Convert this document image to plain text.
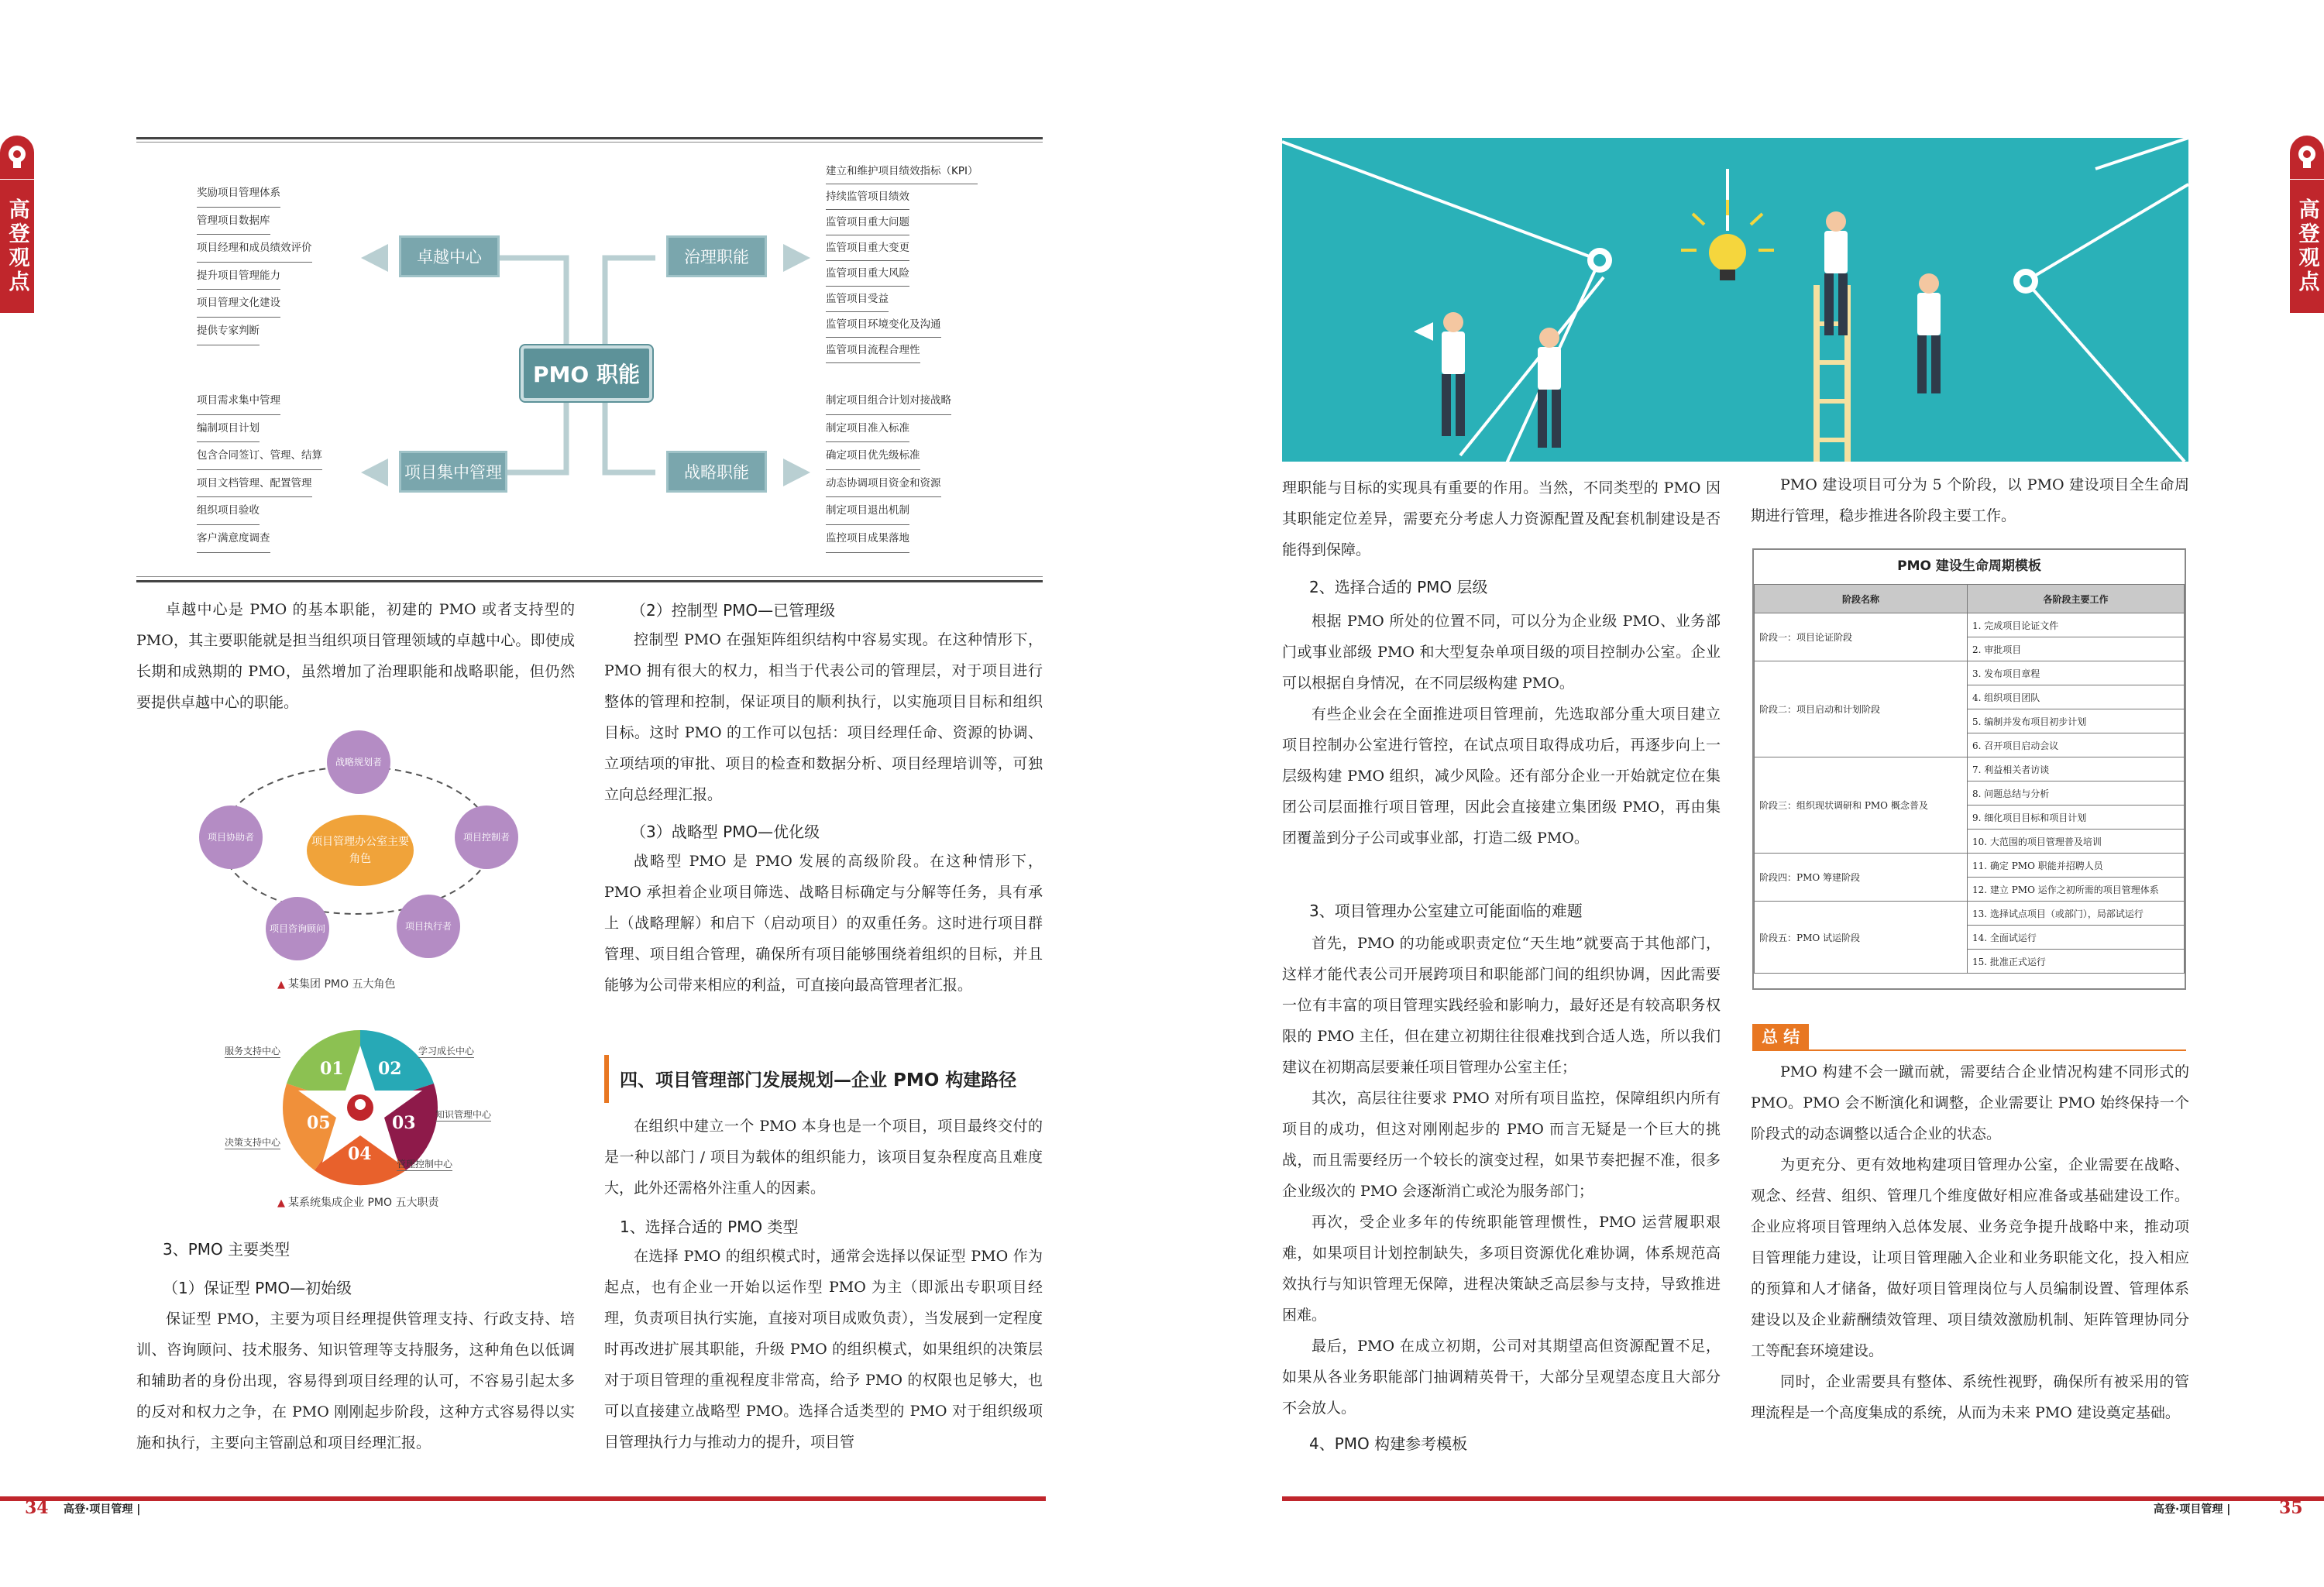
高登观点	高登观点
卓越中心	治理职能
项目集中管理	战略职能
PMO 职能
奖励项目管理体系
管理项目数据库
项目经理和成员绩效评价
提升项目管理能力
项目管理文化建设
提供专家判断
建立和维护项目绩效指标（KPI）
持续监管项目绩效
监管项目重大问题
监管项目重大变更
监管项目重大风险
监管项目受益
监管项目环境变化及沟通
监管项目流程合理性
项目需求集中管理
编制项目计划
包含合同签订、管理、结算
项目文档管理、配置管理
组织项目验收
客户满意度调查
制定项目组合计划对接战略
制定项目准入标准
确定项目优先级标准
动态协调项目资金和资源
制定项目退出机制
监控项目成果落地

卓越中心是 PMO 的基本职能，初建的 PMO 或者支持型的 PMO，其主要职能就是担当组织项目管理领域的卓越中心。即使成长期和成熟期的 PMO，虽然增加了治理职能和战略职能，但仍然要提供卓越中心的职能。

项目管理办公室主要角色
战略规划者
项目控制者
项目执行者
项目咨询顾问
项目协助者
▲ 某集团 PMO 五大角色
01 02
03
04
05
服务支持中心	学习成长中心
知识管理中心
管理控制中心
决策支持中心
▲ 某系统集成企业 PMO 五大职责
3、PMO 主要类型
（1）保证型 PMO—初始级

保证型 PMO，主要为项目经理提供管理支持、行政支持、培训、咨询顾问、技术服务、知识管理等支持服务，这种角色以低调和辅助者的身份出现，容易得到项目经理的认可，不容易引起太多的反对和权力之争，在 PMO 刚刚起步阶段，这种方式容易得以实施和执行，主要向主管副总和项目经理汇报。

（2）控制型 PMO—已管理级

控制型 PMO 在强矩阵组织结构中容易实现。在这种情形下，PMO 拥有很大的权力，相当于代表公司的管理层，对于项目进行整体的管理和控制，保证项目的顺利执行，以实施项目目标和组织目标。这时 PMO 的工作可以包括：项目经理任命、资源的协调、立项结项的审批、项目的检查和数据分析、项目经理培训等，可独立向总经理汇报。

（3）战略型 PMO—优化级

战略型 PMO 是 PMO 发展的高级阶段。在这种情形下，PMO 承担着企业项目筛选、战略目标确定与分解等任务，具有承上（战略理解）和启下（启动项目）的双重任务。这时进行项目群管理、项目组合管理，确保所有项目能够围绕着组织的目标，并且能够为公司带来相应的利益，可直接向最高管理者汇报。

四、项目管理部门发展规划—企业 PMO 构建路径

在组织中建立一个 PMO 本身也是一个项目，项目最终交付的是一种以部门 / 项目为载体的组织能力，该项目复杂程度高且难度大，此外还需格外注重人的因素。

1、选择合适的 PMO 类型

在选择 PMO 的组织模式时，通常会选择以保证型 PMO 作为起点，也有企业一开始以运作型 PMO 为主（即派出专职项目经理，负责项目执行实施，直接对项目成败负责），当发展到一定程度时再改进扩展其职能，升级 PMO 的组织模式，如果组织的决策层对于项目管理的重视程度非常高，给予 PMO 的权限也足够大，也可以直接建立战略型 PMO。选择合适类型的 PMO 对于组织级项目管理执行力与推动力的提升，项目管

理职能与目标的实现具有重要的作用。当然，不同类型的 PMO 因其职能定位差异，需要充分考虑人力资源配置及配套机制建设是否能得到保障。

2、选择合适的 PMO 层级

根据 PMO 所处的位置不同，可以分为企业级 PMO、业务部门或事业部级 PMO 和大型复杂单项目级的项目控制办公室。企业可以根据自身情况，在不同层级构建 PMO。

有些企业会在全面推进项目管理前，先选取部分重大项目建立项目控制办公室进行管控，在试点项目取得成功后，再逐步向上一层级构建 PMO 组织，减少风险。还有部分企业一开始就定位在集团公司层面推行项目管理，因此会直接建立集团级 PMO，再由集团覆盖到分子公司或事业部，打造二级 PMO。

3、项目管理办公室建立可能面临的难题

首先，PMO 的功能或职责定位“天生地”就要高于其他部门，这样才能代表公司开展跨项目和职能部门间的组织协调，因此需要一位有丰富的项目管理实践经验和影响力，最好还是有较高职务权限的 PMO 主任，但在建立初期往往很难找到合适人选，所以我们建议在初期高层要兼任项目管理办公室主任；

其次，高层往往要求 PMO 对所有项目监控，保障组织内所有项目的成功，但这对刚刚起步的 PMO 而言无疑是一个巨大的挑战，而且需要经历一个较长的演变过程，如果节奏把握不准，很多企业级次的 PMO 会逐渐消亡或沦为服务部门；

再次，受企业多年的传统职能管理惯性，PMO 运营履职艰难，如果项目计划控制缺失，多项目资源优化难协调，体系规范高效执行与知识管理无保障，进程决策缺乏高层参与支持，导致推进困难。

最后，PMO 在成立初期，公司对其期望高但资源配置不足，如果从各业务职能部门抽调精英骨干，大部分呈观望态度且大部分不会放人。

4、PMO 构建参考模板

PMO 建设项目可分为 5 个阶段，以 PMO 建设项目全生命周期进行管理，稳步推进各阶段主要工作。

PMO 建设生命周期模板
阶段名称	各阶段主要工作
阶段一：项目论证阶段	1. 完成项目论证文件
	2. 审批项目
阶段二：项目启动和计划阶段	3. 发布项目章程
	4. 组织项目团队
	5. 编制并发布项目初步计划
	6. 召开项目启动会议
阶段三：组织现状调研和 PMO 概念普及	7. 利益相关者访谈
	8. 问题总结与分析
	9. 细化项目目标和项目计划
	10. 大范围的项目管理普及培训
阶段四：PMO 筹建阶段	11. 确定 PMO 职能并招聘人员
	12. 建立 PMO 运作之初所需的项目管理体系
阶段五：PMO 试运阶段	13. 选择试点项目（或部门），局部试运行
	14. 全面试运行
	15. 批准正式运行
总 结

PMO 构建不会一蹴而就，需要结合企业情况构建不同形式的 PMO。PMO 会不断演化和调整，企业需要让 PMO 始终保持一个阶段式的动态调整以适合企业的状态。

为更充分、更有效地构建项目管理办公室，企业需要在战略、观念、经营、组织、管理几个维度做好相应准备或基础建设工作。企业应将项目管理纳入总体发展、业务竞争提升战略中来，推动项目管理能力建设，让项目管理融入企业和业务职能文化，投入相应的预算和人才储备，做好项目管理岗位与人员编制设置、管理体系建设以及企业薪酬绩效管理、项目绩效激励机制、矩阵管理协同分工等配套环境建设。

同时，企业需要具有整体、系统性视野，确保所有被采用的管理流程是一个高度集成的系统，从而为未来 PMO 建设奠定基础。

34 高登·项目管理 |	高登·项目管理 |	35
